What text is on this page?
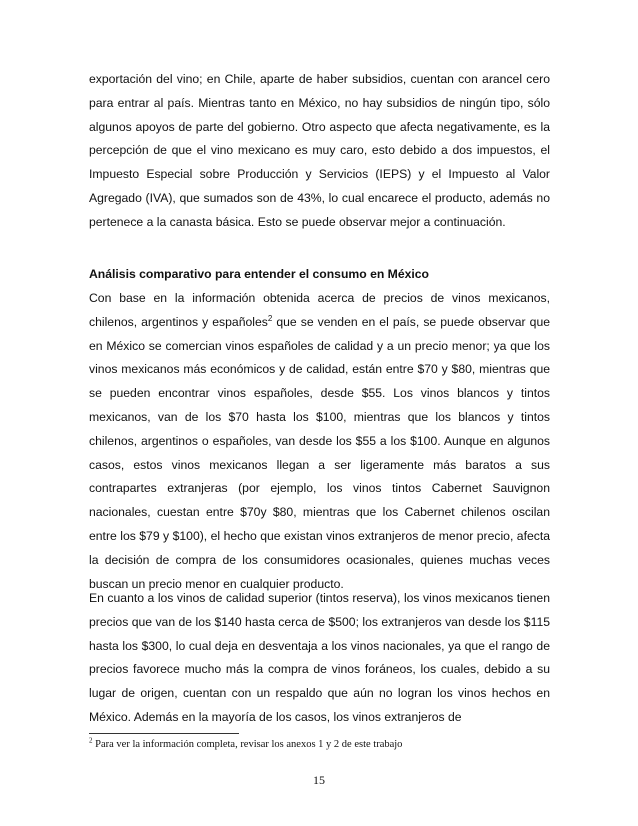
exportación del vino; en Chile, aparte de haber subsidios, cuentan con arancel cero para entrar al país. Mientras tanto en México, no hay subsidios de ningún tipo, sólo algunos apoyos de parte del gobierno. Otro aspecto que afecta negativamente, es la percepción de que el vino mexicano es muy caro, esto debido a dos impuestos, el Impuesto Especial sobre Producción y Servicios (IEPS) y el Impuesto al Valor Agregado (IVA), que sumados son de 43%, lo cual encarece el producto, además no pertenece a la canasta básica. Esto se puede observar mejor a continuación.

Análisis comparativo para entender el consumo en México

Con base en la información obtenida acerca de precios de vinos mexicanos, chilenos, argentinos y españoles$^2$ que se venden en el país, se puede observar que en México se comercian vinos españoles de calidad y a un precio menor; ya que los vinos mexicanos más económicos y de calidad, están entre $70 y $80, mientras que se pueden encontrar vinos españoles, desde $55. Los vinos blancos y tintos mexicanos, van de los $70 hasta los $100, mientras que los blancos y tintos chilenos, argentinos o españoles, van desde los $55 a los $100. Aunque en algunos casos, estos vinos mexicanos llegan a ser ligeramente más baratos a sus contrapartes extranjeras (por ejemplo, los vinos tintos Cabernet Sauvignon nacionales, cuestan entre $70y $80, mientras que los Cabernet chilenos oscilan entre los $79 y $100), el hecho que existan vinos extranjeros de menor precio, afecta la decisión de compra de los consumidores ocasionales, quienes muchas veces buscan un precio menor en cualquier producto.

En cuanto a los vinos de calidad superior (tintos reserva), los vinos mexicanos tienen precios que van de los $140 hasta cerca de $500; los extranjeros van desde los $115 hasta los $300, lo cual deja en desventaja a los vinos nacionales, ya que el rango de precios favorece mucho más la compra de vinos foráneos, los cuales, debido a su lugar de origen, cuentan con un respaldo que aún no logran los vinos hechos en México. Además en la mayoría de los casos, los vinos extranjeros de

$^2$ Para ver la información completa, revisar los anexos 1 y 2 de este trabajo
15
